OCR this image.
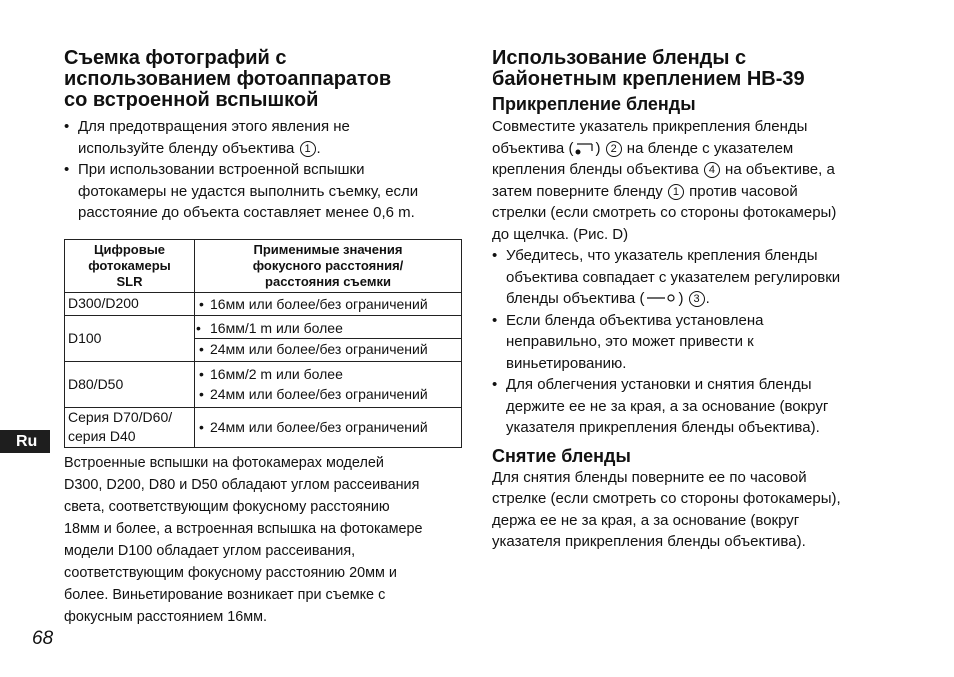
Съемка фотографий с
использованием фотоаппаратов
со встроенной вспышкой
• Для предотвращения этого явления не
используйте бленду объектива 1 .
• При использовании встроенной вспышки
фотокамеры не удастся выполнить съемку, если
расстояние до объекта составляет менее 0,6 m.
Цифровые
фотокамеры
SLR	Применимые значения
фокусного расстояния/
расстояния съемки
D300/D200	• 16мм или более/без ограничений

D100	• 16мм/1 m или более
• 24мм или более/без ограничений

D80/D50	• 16мм/2 m или более
• 24мм или более/без ограничений

Серия D70/D60/ серия D40	• 24мм или более/без ограничений

Встроенные вспышки на фотокамерах моделей
D300, D200, D80 и D50 обладают углом рассеивания
света, соответствующим фокусному расстоянию
18мм и более, а встроенная вспышка на фотокамере
модели D100 обладает углом рассеивания,
соответствующим фокусному расстоянию 20мм и
более. Виньетирование возникает при съемке с
фокусным расстоянием 16мм.

Использование бленды с
байонетным креплением HB-39
Прикрепление бленды

Совместите указатель прикрепления бленды
объектива ( ) 2 на бленде с указателем
крепления бленды объектива 4 на объективе, а
затем поверните бленду 1 против часовой
стрелки (если смотреть со стороны фотокамеры)
до щелчка. (Рис. D)

• Убедитесь, что указатель крепления бленды
объектива совпадает с указателем регулировки
бленды объектива ( ) 3 .
• Если бленда объектива установлена
неправильно, это может привести к
виньетированию.
• Для облегчения установки и снятия бленды
держите ее не за края, а за основание (вокруг
указателя прикрепления бленды объектива).
Снятие бленды

Для снятия бленды поверните ее по часовой
стрелке (если смотреть со стороны фотокамеры),
держа ее не за края, а за основание (вокруг
указателя прикрепления бленды объектива).

Ru
68
